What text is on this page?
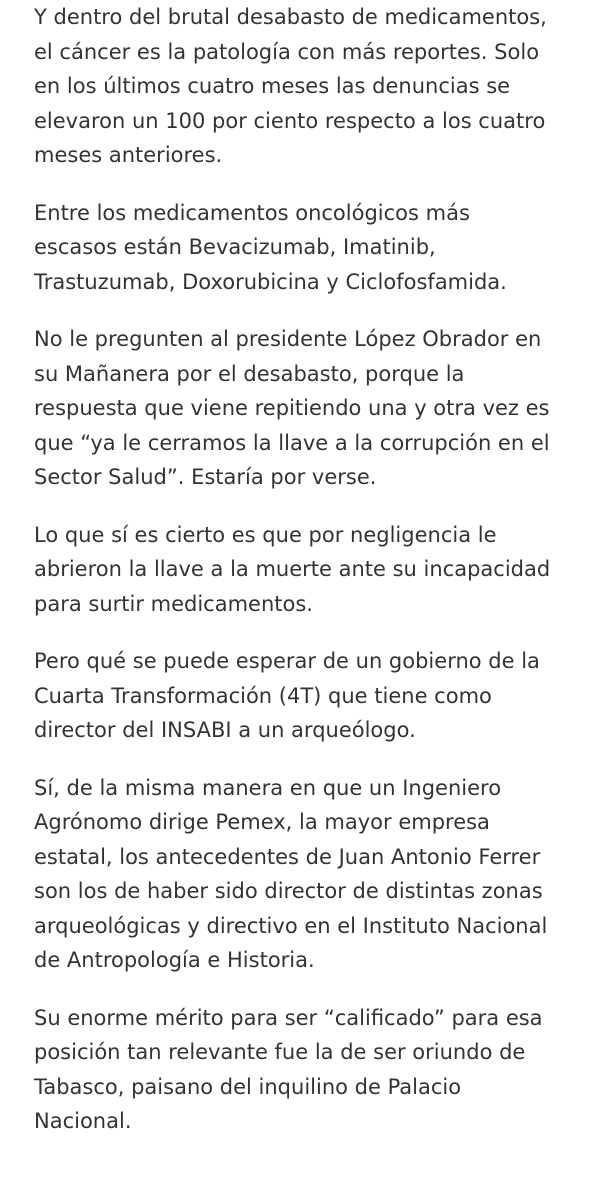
Y dentro del brutal desabasto de medicamentos,
el cáncer es la patología con más reportes. Solo
en los últimos cuatro meses las denuncias se
elevaron un 100 por ciento respecto a los cuatro
meses anteriores.

Entre los medicamentos oncológicos más
escasos están Bevacizumab, Imatinib,
Trastuzumab, Doxorubicina y Ciclofosfamida.

No le pregunten al presidente López Obrador en
su Mañanera por el desabasto, porque la
respuesta que viene repitiendo una y otra vez es
que “ya le cerramos la llave a la corrupción en el
Sector Salud”. Estaría por verse.

Lo que sí es cierto es que por negligencia le
abrieron la llave a la muerte ante su incapacidad
para surtir medicamentos.

Pero qué se puede esperar de un gobierno de la
Cuarta Transformación (4T) que tiene como
director del INSABI a un arqueólogo.

Sí, de la misma manera en que un Ingeniero
Agrónomo dirige Pemex, la mayor empresa
estatal, los antecedentes de Juan Antonio Ferrer
son los de haber sido director de distintas zonas
arqueológicas y directivo en el Instituto Nacional
de Antropología e Historia.

Su enorme mérito para ser “calificado” para esa
posición tan relevante fue la de ser oriundo de
Tabasco, paisano del inquilino de Palacio
Nacional.
